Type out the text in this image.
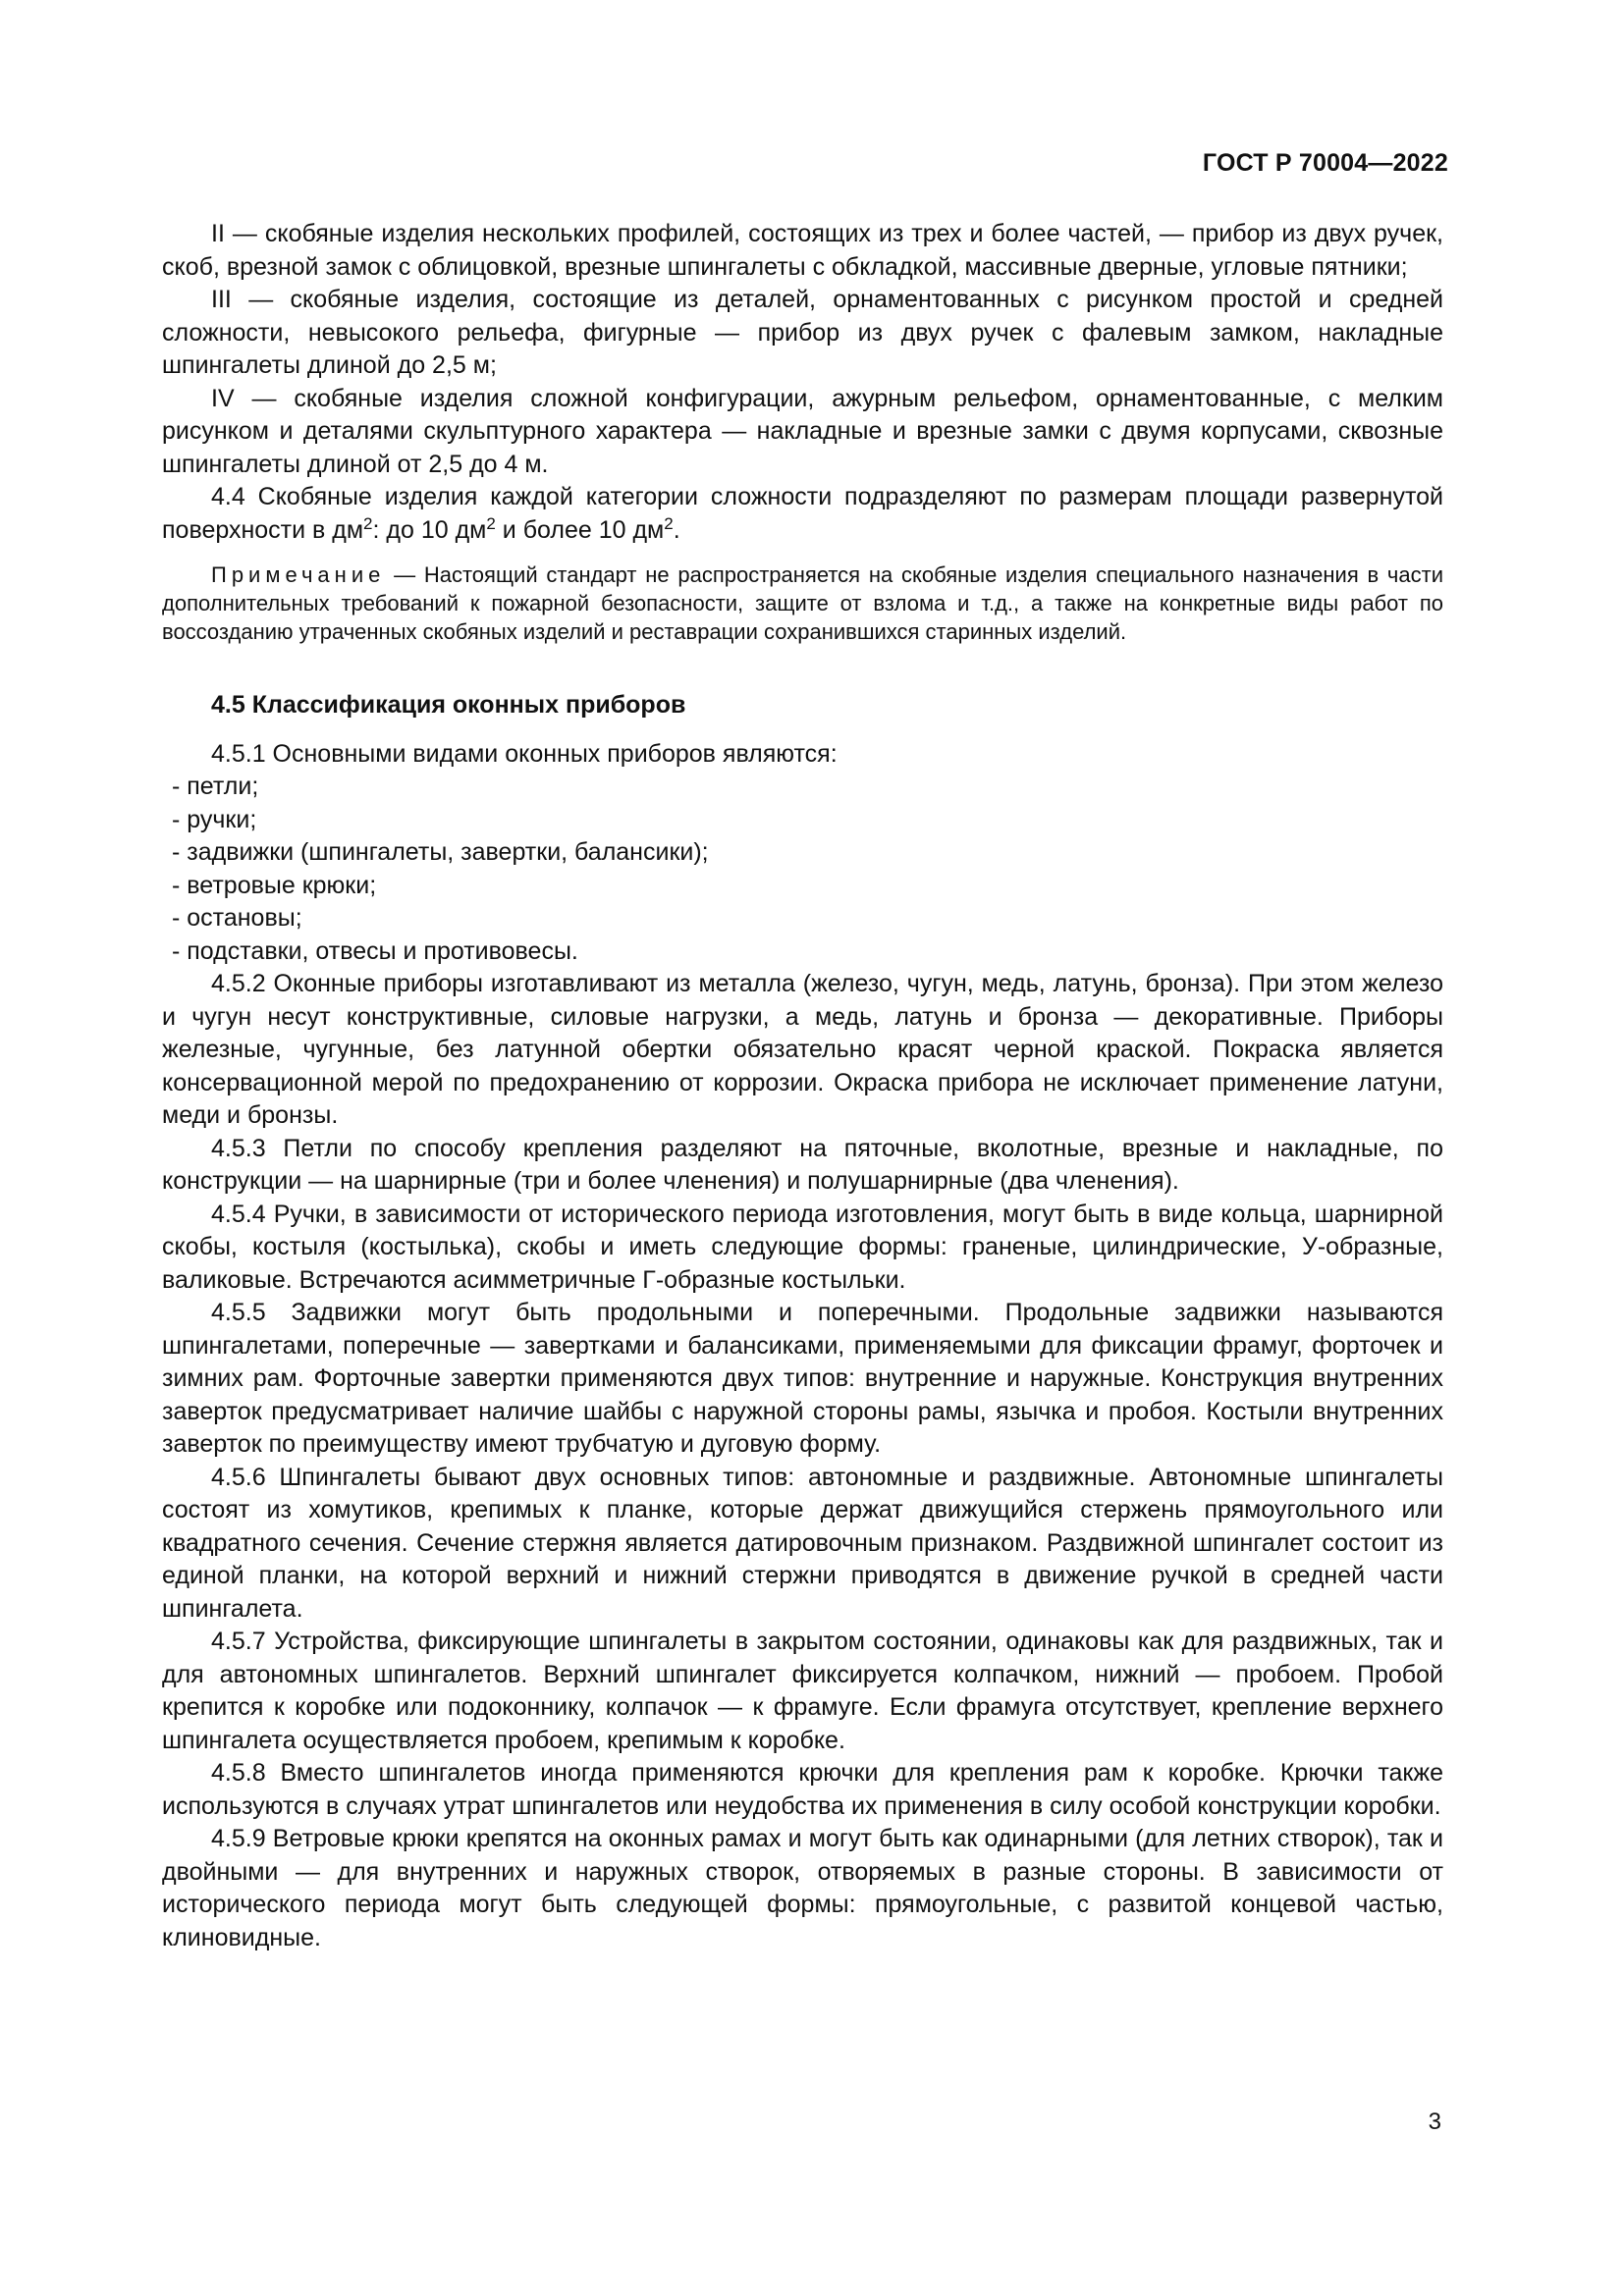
ГОСТ Р 70004—2022

II — скобяные изделия нескольких профилей, состоящих из трех и более частей, — прибор из двух ручек, скоб, врезной замок с облицовкой, врезные шпингалеты с обкладкой, массивные дверные, угловые пятники;

III — скобяные изделия, состоящие из деталей, орнаментованных с рисунком простой и средней сложности, невысокого рельефа, фигурные — прибор из двух ручек с фалевым замком, накладные шпингалеты длиной до 2,5 м;

IV — скобяные изделия сложной конфигурации, ажурным рельефом, орнаментованные, с мелким рисунком и деталями скульптурного характера — накладные и врезные замки с двумя корпусами, сквозные шпингалеты длиной от 2,5 до 4 м.

4.4 Скобяные изделия каждой категории сложности подразделяют по размерам площади развернутой поверхности в $дм^2$: до 10 $дм^2$ и более 10 $дм^2$.

Примечание — Настоящий стандарт не распространяется на скобяные изделия специального назначения в части дополнительных требований к пожарной безопасности, защите от взлома и т.д., а также на конкретные виды работ по воссозданию утраченных скобяных изделий и реставрации сохранившихся старинных изделий.

4.5 Классификация оконных приборов

4.5.1 Основными видами оконных приборов являются:

- петли;

- ручки;

- задвижки (шпингалеты, завертки, балансики);

- ветровые крюки;

- остановы;

- подставки, отвесы и противовесы.

4.5.2 Оконные приборы изготавливают из металла (железо, чугун, медь, латунь, бронза). При этом железо и чугун несут конструктивные, силовые нагрузки, а медь, латунь и бронза — декоративные. Приборы железные, чугунные, без латунной обертки обязательно красят черной краской. Покраска является консервационной мерой по предохранению от коррозии. Окраска прибора не исключает применение латуни, меди и бронзы.

4.5.3 Петли по способу крепления разделяют на пяточные, вколотные, врезные и накладные, по конструкции — на шарнирные (три и более членения) и полушарнирные (два членения).

4.5.4 Ручки, в зависимости от исторического периода изготовления, могут быть в виде кольца, шарнирной скобы, костыля (костылька), скобы и иметь следующие формы: граненые, цилиндрические, У-образные, валиковые. Встречаются асимметричные Г-образные костыльки.

4.5.5 Задвижки могут быть продольными и поперечными. Продольные задвижки называются шпингалетами, поперечные — завертками и балансиками, применяемыми для фиксации фрамуг, форточек и зимних рам. Форточные завертки применяются двух типов: внутренние и наружные. Конструкция внутренних заверток предусматривает наличие шайбы с наружной стороны рамы, язычка и пробоя. Костыли внутренних заверток по преимуществу имеют трубчатую и дуговую форму.

4.5.6 Шпингалеты бывают двух основных типов: автономные и раздвижные. Автономные шпингалеты состоят из хомутиков, крепимых к планке, которые держат движущийся стержень прямоугольного или квадратного сечения. Сечение стержня является датировочным признаком. Раздвижной шпингалет состоит из единой планки, на которой верхний и нижний стержни приводятся в движение ручкой в средней части шпингалета.

4.5.7 Устройства, фиксирующие шпингалеты в закрытом состоянии, одинаковы как для раздвижных, так и для автономных шпингалетов. Верхний шпингалет фиксируется колпачком, нижний — пробоем. Пробой крепится к коробке или подоконнику, колпачок — к фрамуге. Если фрамуга отсутствует, крепление верхнего шпингалета осуществляется пробоем, крепимым к коробке.

4.5.8 Вместо шпингалетов иногда применяются крючки для крепления рам к коробке. Крючки также используются в случаях утрат шпингалетов или неудобства их применения в силу особой конструкции коробки.

4.5.9 Ветровые крюки крепятся на оконных рамах и могут быть как одинарными (для летних створок), так и двойными — для внутренних и наружных створок, отворяемых в разные стороны. В зависимости от исторического периода могут быть следующей формы: прямоугольные, с развитой концевой частью, клиновидные.

3
